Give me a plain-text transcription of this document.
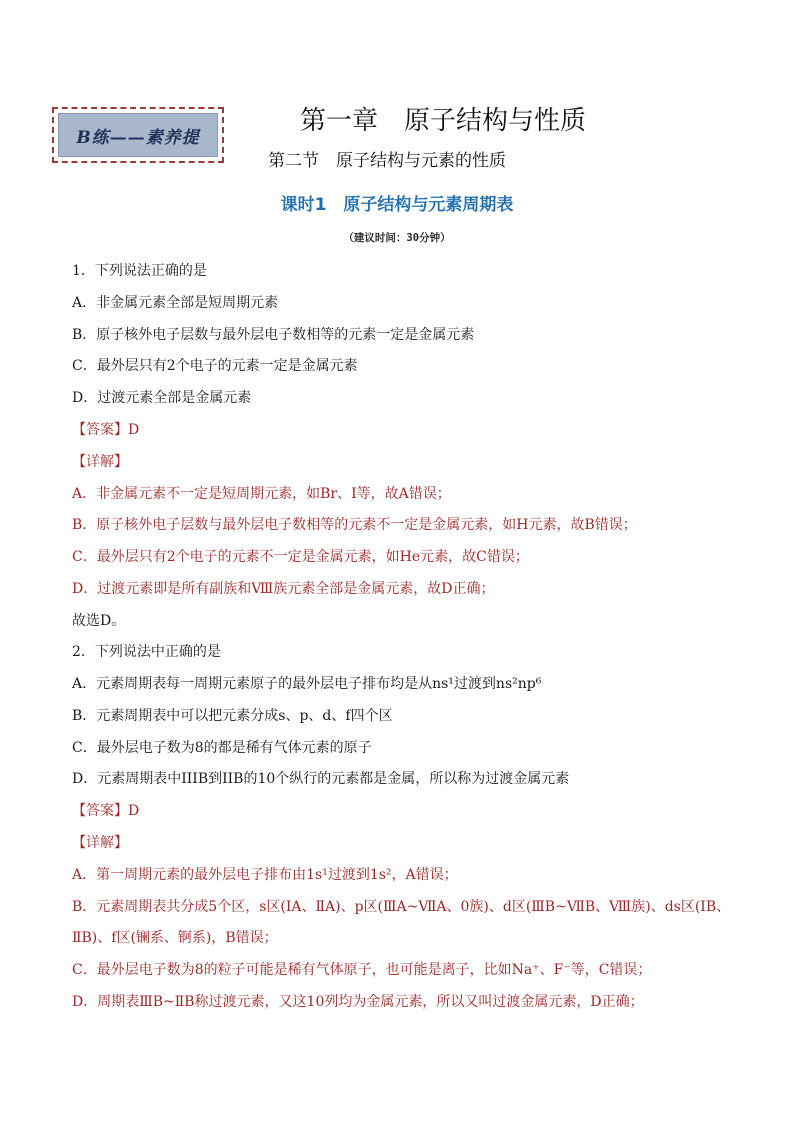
B练——素养提
第一章　原子结构与性质
第二节　原子结构与元素的性质
课时1　原子结构与元素周期表
（建议时间：30分钟）
1．下列说法正确的是
A．非金属元素全部是短周期元素
B．原子核外电子层数与最外层电子数相等的元素一定是金属元素
C．最外层只有2个电子的元素一定是金属元素
D．过渡元素全部是金属元素
【答案】D
【详解】
A．非金属元素不一定是短周期元素，如Br、I等，故A错误；
B．原子核外电子层数与最外层电子数相等的元素不一定是金属元素，如H元素，故B错误；
C．最外层只有2个电子的元素不一定是金属元素，如He元素，故C错误；
D．过渡元素即是所有副族和Ⅷ族元素全部是金属元素，故D正确；
故选D。
2．下列说法中正确的是
A．元素周期表每一周期元素原子的最外层电子排布均是从ns¹过渡到ns²np⁶
B．元素周期表中可以把元素分成s、p、d、f四个区
C．最外层电子数为8的都是稀有气体元素的原子
D．元素周期表中IIIB到IIB的10个纵行的元素都是金属，所以称为过渡金属元素
【答案】D
【详解】
A．第一周期元素的最外层电子排布由1s¹过渡到1s²，A错误；
B．元素周期表共分成5个区，s区(ⅠA、ⅡA)、p区(ⅢA~ⅦA、0族)、d区(ⅢB~ⅦB、Ⅷ族)、ds区(ⅠB、
ⅡB)、f区(镧系、锕系)，B错误；
C．最外层电子数为8的粒子可能是稀有气体原子，也可能是离子，比如Na⁺、F⁻等，C错误；
D．周期表ⅢB~ⅡB称过渡元素，又这10列均为金属元素，所以又叫过渡金属元素，D正确；
